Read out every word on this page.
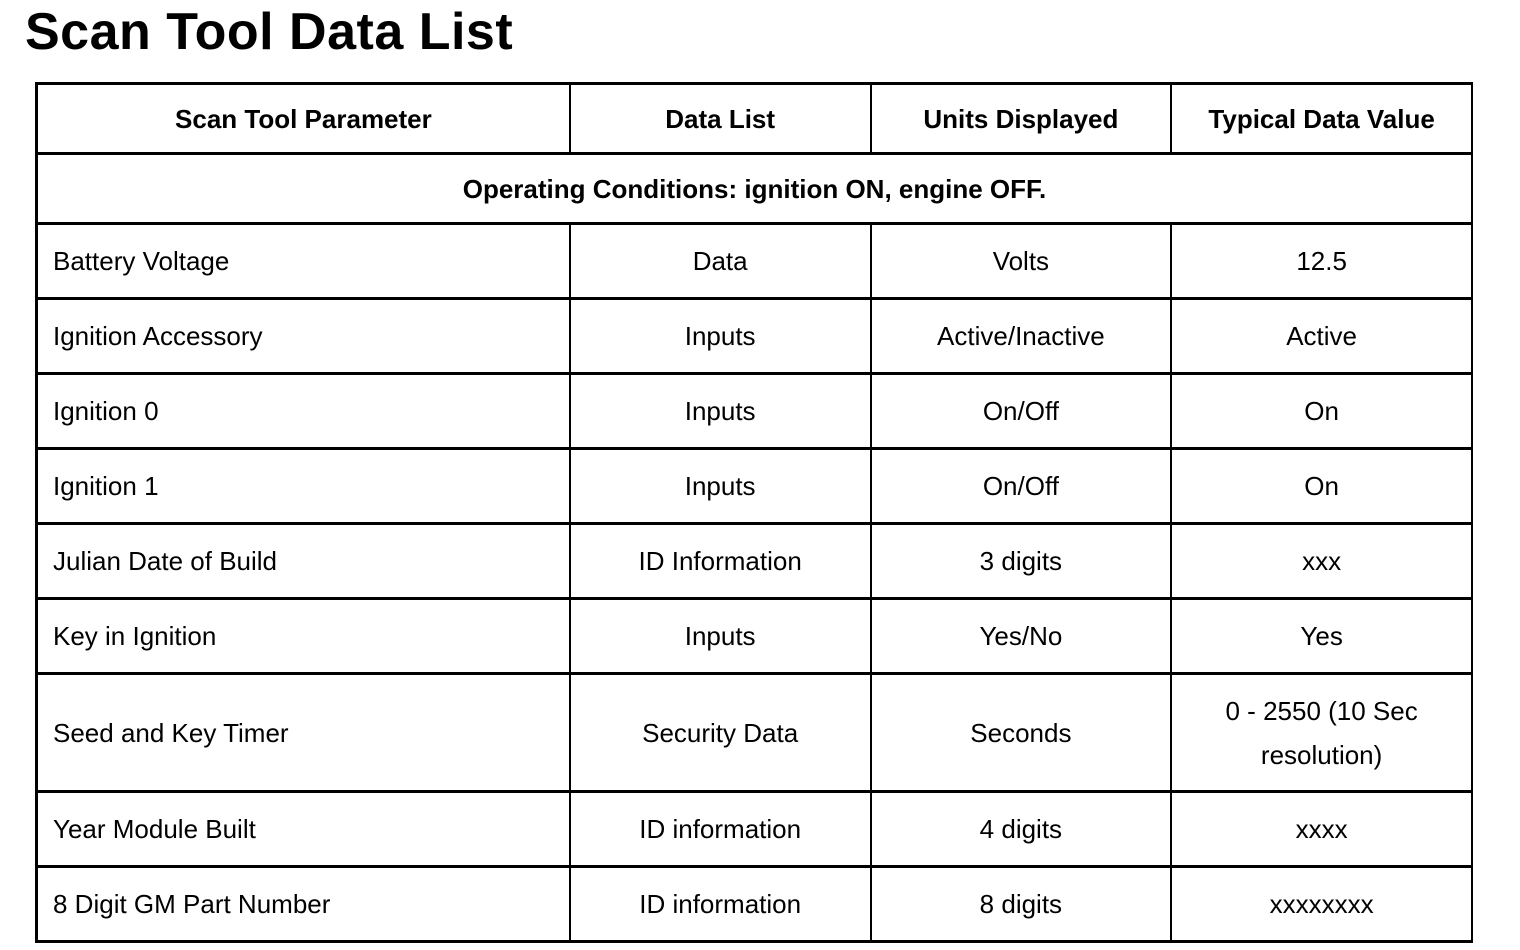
Scan Tool Data List
Scan Tool Parameter	Data List	Units Displayed	Typical Data Value
Operating Conditions: ignition ON, engine OFF.			
Battery Voltage	Data	Volts	12.5
Ignition Accessory	Inputs	Active/Inactive	Active
Ignition 0	Inputs	On/Off	On
Ignition 1	Inputs	On/Off	On
Julian Date of Build	ID Information	3 digits	xxx
Key in Ignition	Inputs	Yes/No	Yes
Seed and Key Timer	Security Data	Seconds	0 - 2550 (10 Sec resolution)
Year Module Built	ID information	4 digits	xxxx
8 Digit GM Part Number	ID information	8 digits	xxxxxxxx
